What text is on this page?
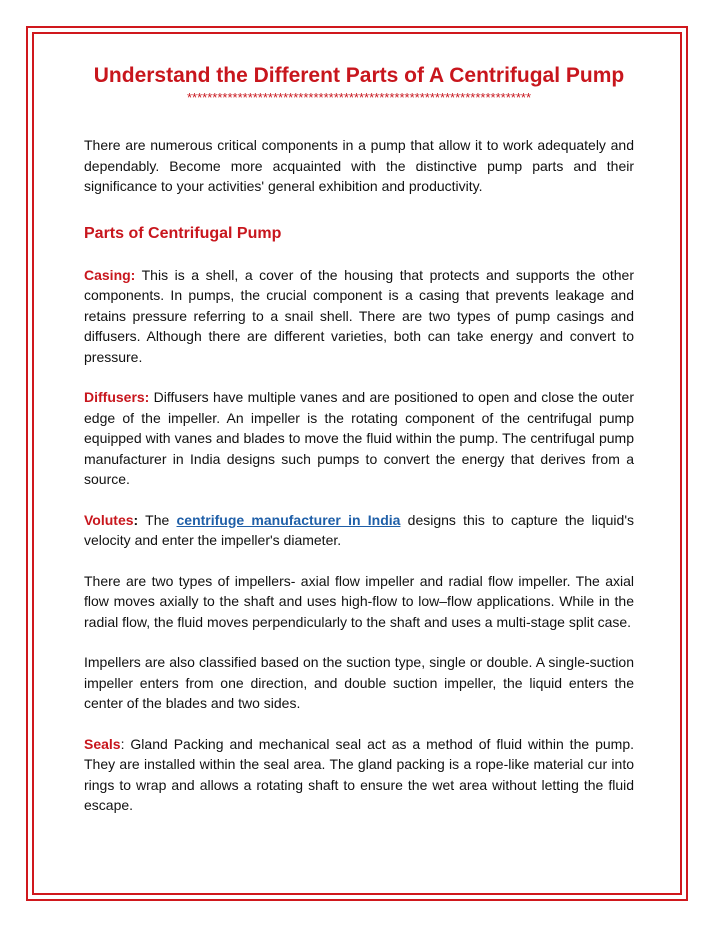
Understand the Different Parts of A Centrifugal Pump
********************************************************************

There are numerous critical components in a pump that allow it to work adequately and dependably. Become more acquainted with the distinctive pump parts and their significance to your activities' general exhibition and productivity.

Parts of Centrifugal Pump

Casing: This is a shell, a cover of the housing that protects and supports the other components. In pumps, the crucial component is a casing that prevents leakage and retains pressure referring to a snail shell. There are two types of pump casings and diffusers. Although there are different varieties, both can take energy and convert to pressure.

Diffusers: Diffusers have multiple vanes and are positioned to open and close the outer edge of the impeller. An impeller is the rotating component of the centrifugal pump equipped with vanes and blades to move the fluid within the pump. The centrifugal pump manufacturer in India designs such pumps to convert the energy that derives from a source.

Volutes: The centrifuge manufacturer in India designs this to capture the liquid's velocity and enter the impeller's diameter.

There are two types of impellers- axial flow impeller and radial flow impeller. The axial flow moves axially to the shaft and uses high-flow to low–flow applications. While in the radial flow, the fluid moves perpendicularly to the shaft and uses a multi-stage split case.

Impellers are also classified based on the suction type, single or double. A single-suction impeller enters from one direction, and double suction impeller, the liquid enters the center of the blades and two sides.

Seals: Gland Packing and mechanical seal act as a method of fluid within the pump. They are installed within the seal area. The gland packing is a rope-like material cur into rings to wrap and allows a rotating shaft to ensure the wet area without letting the fluid escape.
